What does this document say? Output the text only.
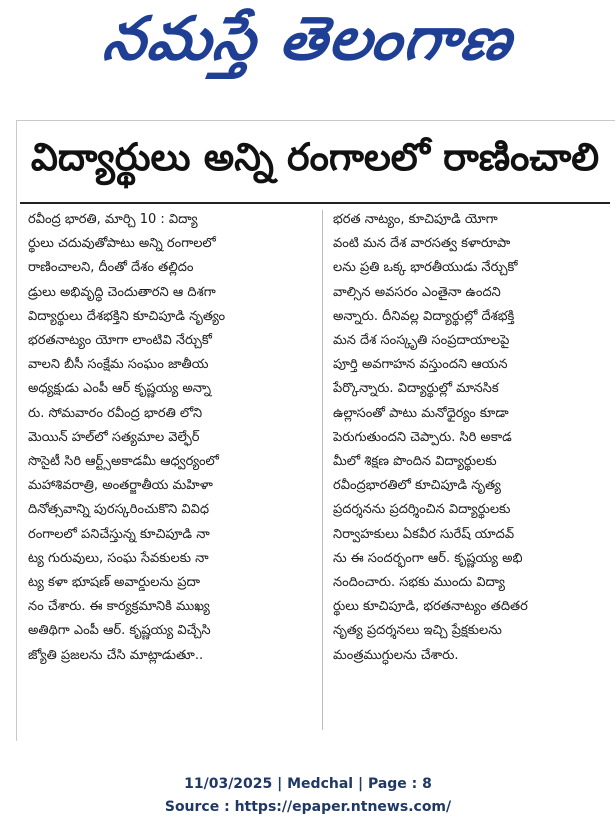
నమస్తే తెలంగాణ
విద్యార్థులు అన్ని రంగాలలో రాణించాలి
రవీంద్ర భారతి, మార్చి 10 : విద్యా
ర్థులు చదువుతోపాటు అన్ని రంగాలలో
రాణించాలని, దీంతో దేశం తల్లిదం
డ్రులు అభివృద్ధి చెందుతారని ఆ దిశగా
విద్యార్థులు దేశభక్తిని కూచిపూడి నృత్యం
భరతనాట్యం యోగా లాంటివి నేర్చుకో
వాలని బీసీ సంక్షేమ సంఘం జాతీయ
అధ్యక్షుడు ఎంపీ ఆర్ కృష్ణయ్య అన్నా
రు. సోమవారం రవీంద్ర భారతి లోని
మెయిన్ హల్‌లో సత్యమాల వెల్ఫేర్
సొసైటీ సిరి ఆర్ట్స్అకాడమీ ఆధ్వర్యంలో
మహాశివరాత్రి, అంతర్జాతీయ మహిళా
దినోత్సవాన్ని పురస్కరించుకొని వివిధ
రంగాలలో పనిచేస్తున్న కూచిపూడి నా
ట్య గురువులు, సంఘ సేవకులకు నా
ట్య కళా భూషణ్ అవార్డులను ప్రదా
నం చేశారు. ఈ కార్యక్రమానికి ముఖ్య
అతిథిగా ఎంపీ ఆర్. కృష్ణయ్య విచ్చేసి
జ్యోతి ప్రజలను చేసి మాట్లాడుతూ..
భరత నాట్యం, కూచిపూడి యోగా
వంటి మన దేశ వారసత్వ కళారూపా
లను ప్రతి ఒక్క భారతీయుడు నేర్చుకో
వాల్సిన అవసరం ఎంతైనా ఉందని
అన్నారు. దీనివల్ల విద్యార్థుల్లో దేశభక్తి
మన దేశ సంస్కృతి సంప్రదాయాలపై
పూర్తి అవగాహన వస్తుందని ఆయన
పేర్కొన్నారు. విద్యార్థుల్లో మానసిక
ఉల్లాసంతో పాటు మనోధైర్యం కూడా
పెరుగుతుందని చెప్పారు. సిరి అకాడ
మీలో శిక్షణ పొందిన విద్యార్థులకు
రవీంద్రభారతిలో కూచిపూడి నృత్య
ప్రదర్శనను ప్రదర్శించిన విద్యార్థులకు
నిర్వాహకులు ఏకవీర సురేష్ యాదవ్
ను ఈ సందర్భంగా ఆర్. కృష్ణయ్య అభి
నందించారు. సభకు ముందు విద్యా
ర్థులు కూచిపూడి, భరతనాట్యం తదితర
నృత్య ప్రదర్శనలు ఇచ్చి ప్రేక్షకులను
మంత్రముగ్ధులను చేశారు.
11/03/2025 | Medchal | Page : 8
Source : https://epaper.ntnews.com/
